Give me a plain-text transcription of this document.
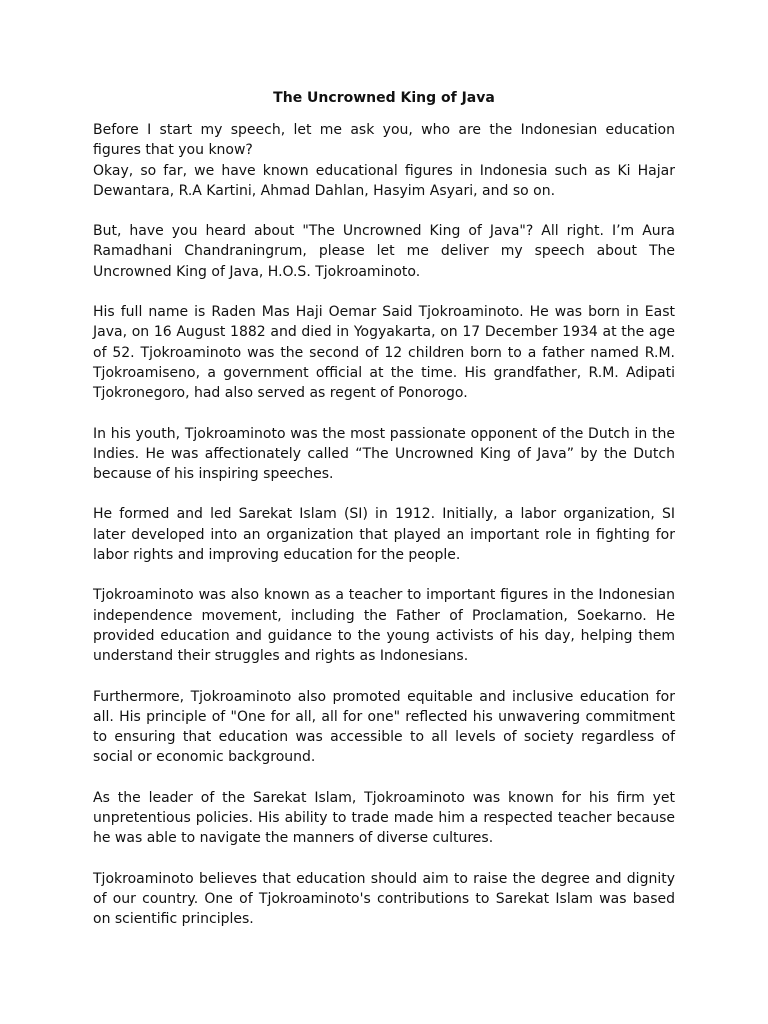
The Uncrowned King of Java

Before I start my speech, let me ask you, who are the Indonesian education figures that you know?

Okay, so far, we have known educational figures in Indonesia such as Ki Hajar Dewantara, R.A Kartini, Ahmad Dahlan, Hasyim Asyari, and so on.

But, have you heard about "The Uncrowned King of Java"? All right. I’m Aura Ramadhani Chandraningrum, please let me deliver my speech about The Uncrowned King of Java, H.O.S. Tjokroaminoto.

His full name is Raden Mas Haji Oemar Said Tjokroaminoto. He was born in East Java, on 16 August 1882 and died in Yogyakarta, on 17 December 1934 at the age of 52. Tjokroaminoto was the second of 12 children born to a father named R.M. Tjokroamiseno, a government official at the time. His grandfather, R.M. Adipati Tjokronegoro, had also served as regent of Ponorogo.

In his youth, Tjokroaminoto was the most passionate opponent of the Dutch in the Indies. He was affectionately called “The Uncrowned King of Java” by the Dutch because of his inspiring speeches.

He formed and led Sarekat Islam (SI) in 1912. Initially, a labor organization, SI later developed into an organization that played an important role in fighting for labor rights and improving education for the people.

Tjokroaminoto was also known as a teacher to important figures in the Indonesian independence movement, including the Father of Proclamation, Soekarno. He provided education and guidance to the young activists of his day, helping them understand their struggles and rights as Indonesians.

Furthermore, Tjokroaminoto also promoted equitable and inclusive education for all. His principle of "One for all, all for one" reflected his unwavering commitment to ensuring that education was accessible to all levels of society regardless of social or economic background.

As the leader of the Sarekat Islam, Tjokroaminoto was known for his firm yet unpretentious policies. His ability to trade made him a respected teacher because he was able to navigate the manners of diverse cultures.

Tjokroaminoto believes that education should aim to raise the degree and dignity of our country. One of Tjokroaminoto's contributions to Sarekat Islam was based on scientific principles.
